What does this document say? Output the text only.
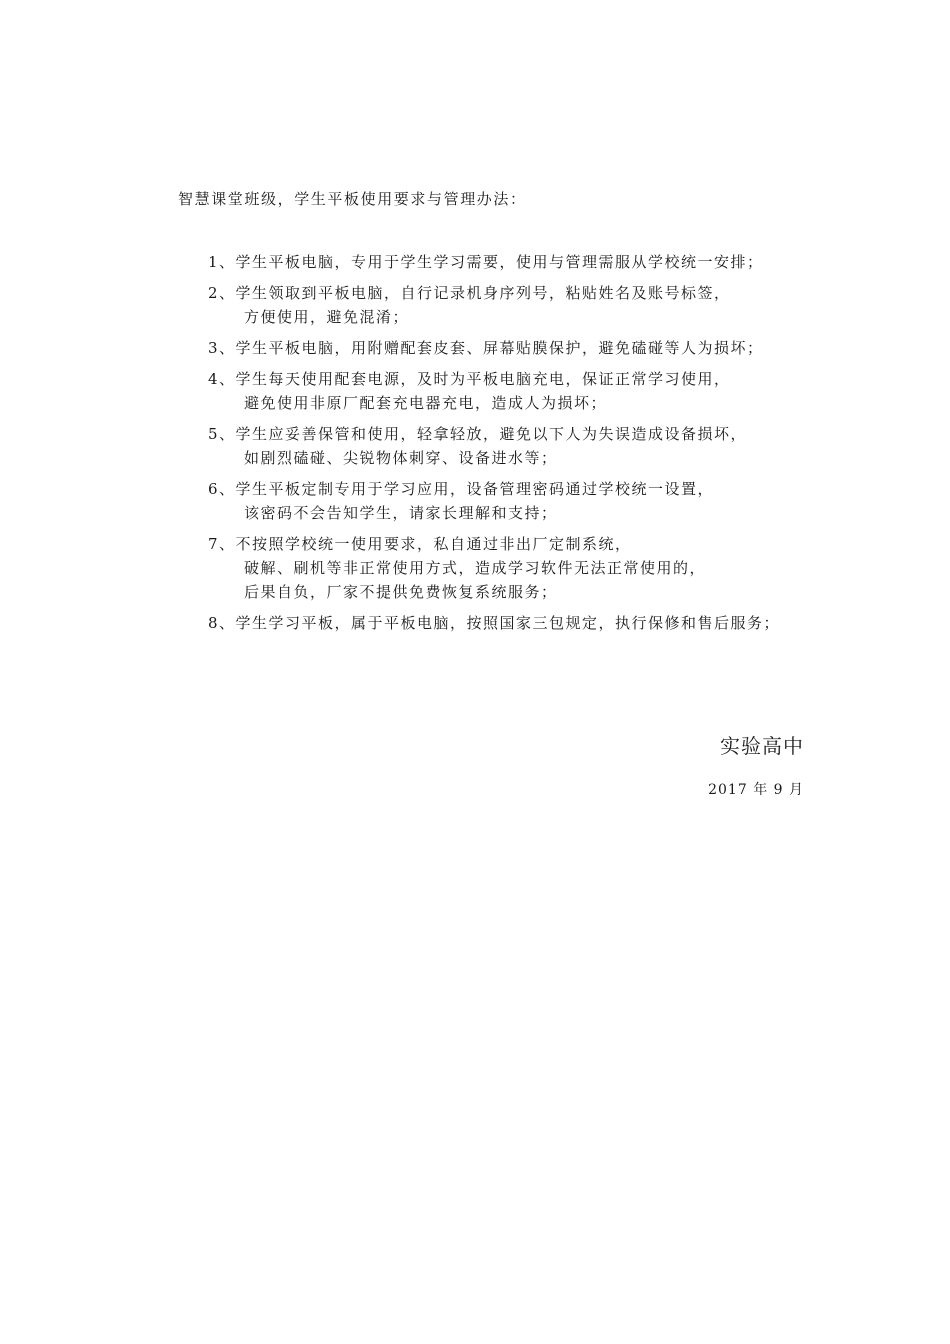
智慧课堂班级，学生平板使用要求与管理办法：
1、学生平板电脑，专用于学生学习需要，使用与管理需服从学校统一安排；
2、学生领取到平板电脑，自行记录机身序列号，粘贴姓名及账号标签，
方便使用，避免混淆；
3、学生平板电脑，用附赠配套皮套、屏幕贴膜保护，避免磕碰等人为损坏；
4、学生每天使用配套电源，及时为平板电脑充电，保证正常学习使用，
避免使用非原厂配套充电器充电，造成人为损坏；
5、学生应妥善保管和使用，轻拿轻放，避免以下人为失误造成设备损坏，
如剧烈磕碰、尖锐物体刺穿、设备进水等；
6、学生平板定制专用于学习应用，设备管理密码通过学校统一设置，
该密码不会告知学生，请家长理解和支持；
7、不按照学校统一使用要求，私自通过非出厂定制系统，
破解、刷机等非正常使用方式，造成学习软件无法正常使用的，
后果自负，厂家不提供免费恢复系统服务；
8、学生学习平板，属于平板电脑，按照国家三包规定，执行保修和售后服务；
实验高中
2017 年 9 月
